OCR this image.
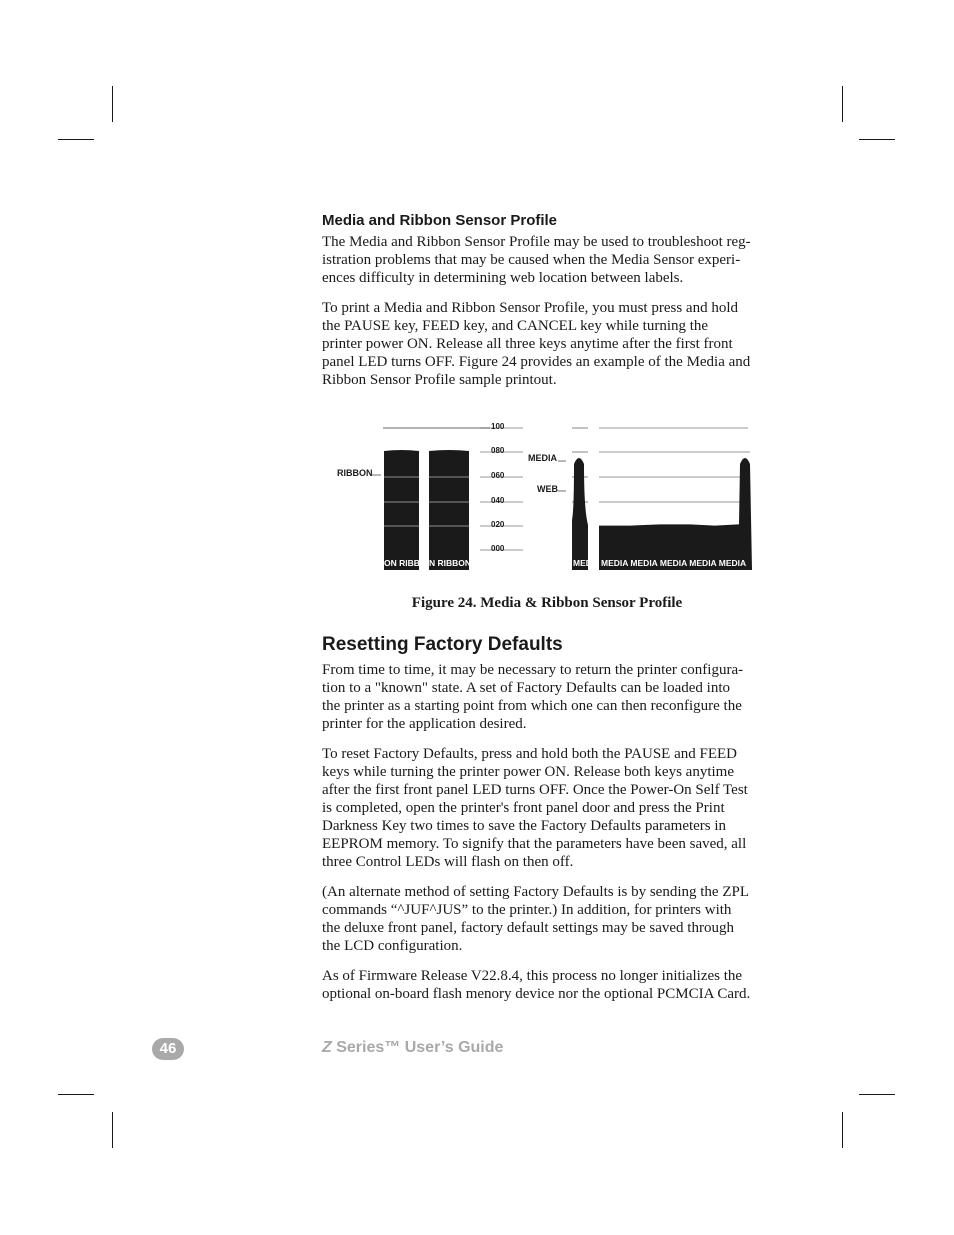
Media and Ribbon Sensor Profile

The Media and Ribbon Sensor Profile may be used to troubleshoot reg-
istration problems that may be caused when the Media Sensor experi-
ences difficulty in determining web location between labels.

To print a Media and Ribbon Sensor Profile, you must press and hold
the PAUSE key, FEED key, and CANCEL key while turning the
printer power ON. Release all three keys anytime after the first front
panel LED turns OFF. Figure 24 provides an example of the Media and
Ribbon Sensor Profile sample printout.

100
080
060
040
020
000
RIBBON
MEDIA
WEB
ON RIBB N RIBBON	MED MEDIA MEDIA MEDIA MEDIA MEDIA
Figure 24. Media & Ribbon Sensor Profile
Resetting Factory Defaults

From time to time, it may be necessary to return the printer configura-
tion to a "known" state. A set of Factory Defaults can be loaded into
the printer as a starting point from which one can then reconfigure the
printer for the application desired.

To reset Factory Defaults, press and hold both the PAUSE and FEED
keys while turning the printer power ON. Release both keys anytime
after the first front panel LED turns OFF. Once the Power-On Self Test
is completed, open the printer's front panel door and press the Print
Darkness Key two times to save the Factory Defaults parameters in
EEPROM memory. To signify that the parameters have been saved, all
three Control LEDs will flash on then off.

(An alternate method of setting Factory Defaults is by sending the ZPL
commands “^JUF^JUS” to the printer.) In addition, for printers with
the deluxe front panel, factory default settings may be saved through
the LCD configuration.

As of Firmware Release V22.8.4, this process no longer initializes the
optional on-board flash menory device nor the optional PCMCIA Card.

46	Z Series™ User’s Guide
